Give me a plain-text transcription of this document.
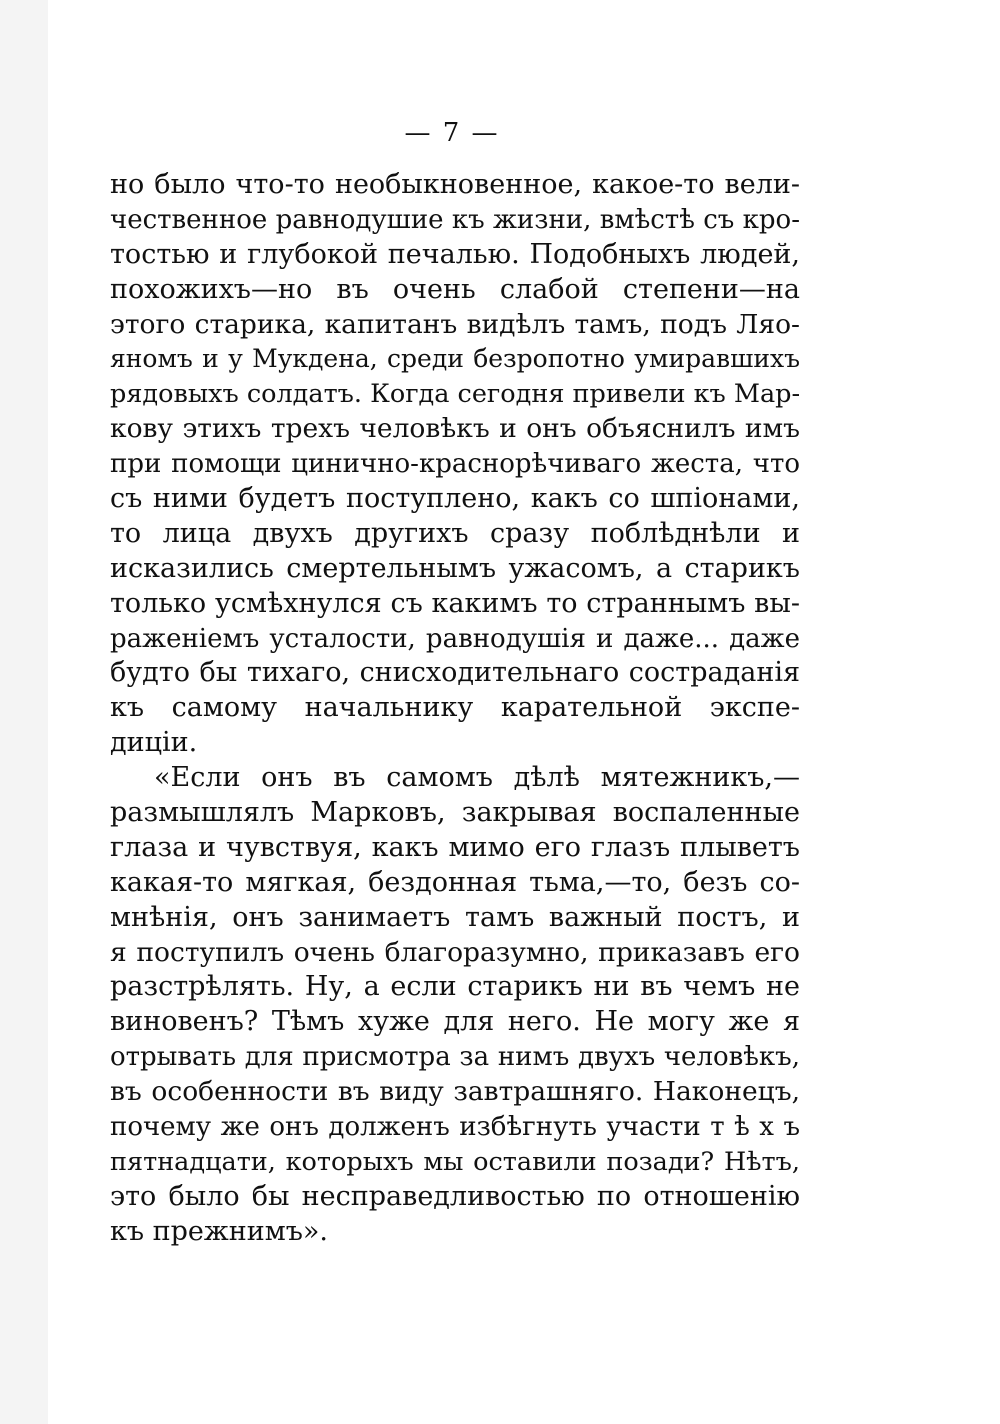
— 7 —
но было что-то необыкновенное, какое-то вели-
чественное равнодушие къ жизни, вмѣстѣ съ кро-
тостью и глубокой печалью. Подобныхъ людей,
похожихъ—но въ очень слабой степени—на
этого старика, капитанъ видѣлъ тамъ, подъ Ляо-
яномъ и у Мукдена, среди безропотно умиравшихъ
рядовыхъ солдатъ. Когда сегодня привели къ Мар-
кову этихъ трехъ человѣкъ и онъ объяснилъ имъ
при помощи цинично-краснорѣчиваго жеста, что
съ ними будетъ поступлено, какъ со шпіонами,
то лица двухъ другихъ сразу поблѣднѣли и
исказились смертельнымъ ужасомъ, а старикъ
только усмѣхнулся съ какимъ то страннымъ вы-
раженіемъ усталости, равнодушія и даже... даже
будто бы тихаго, снисходительнаго состраданія
къ самому начальнику карательной экспе-
диціи.
«Если онъ въ самомъ дѣлѣ мятежникъ,—
размышлялъ Марковъ, закрывая воспаленные
глаза и чувствуя, какъ мимо его глазъ плыветъ
какая-то мягкая, бездонная тьма,—то, безъ со-
мнѣнія, онъ занимаетъ тамъ важный постъ, и
я поступилъ очень благоразумно, приказавъ его
разстрѣлять. Ну, а если старикъ ни въ чемъ не
виновенъ? Тѣмъ хуже для него. Не могу же я
отрывать для присмотра за нимъ двухъ человѣкъ,
въ особенности въ виду завтрашняго. Наконецъ,
почему же онъ долженъ избѣгнуть участи т ѣ х ъ
пятнадцати, которыхъ мы оставили позади? Нѣтъ,
это было бы несправедливостью по отношенію
къ прежнимъ».
